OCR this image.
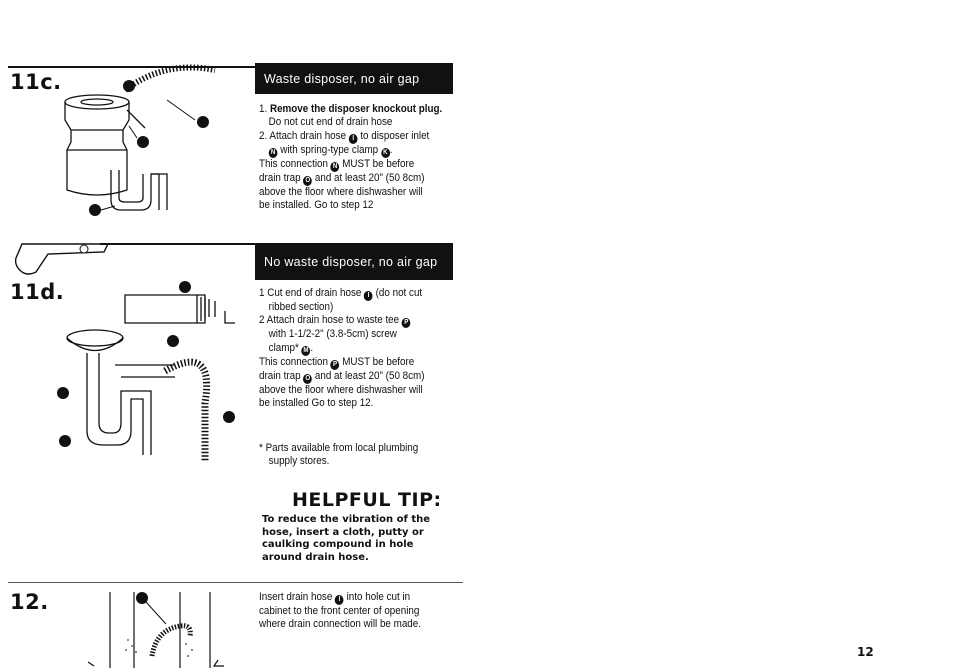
11c.	Waste disposer, no air gap
1. Remove the disposer knockout plug.
Do not cut end of drain hose
2. Attach drain hose I to disposer inlet
N with spring-type clamp K .
This connection N MUST be before
drain trap O and at least 20" (50 8cm)
above the floor where dishwasher will
be installed. Go to step 12
11d.
No waste disposer, no air gap
1 Cut end of drain hose I (do not cut
ribbed section)
2 Attach drain hose to waste tee P
with 1-1/2-2" (3.8-5cm) screw
clamp* M .
This connection P MUST be before
drain trap O and at least 20" (50 8cm)
above the floor where dishwasher will
be installed Go to step 12.
* Parts available from local plumbing
supply stores.
HELPFUL TIP:
To reduce the vibration of the
hose, insert a cloth, putty or
caulking compound in hole
around drain hose.
12.	Insert drain hose I into hole cut in
cabinet to the front center of opening
where drain connection will be made.
12
